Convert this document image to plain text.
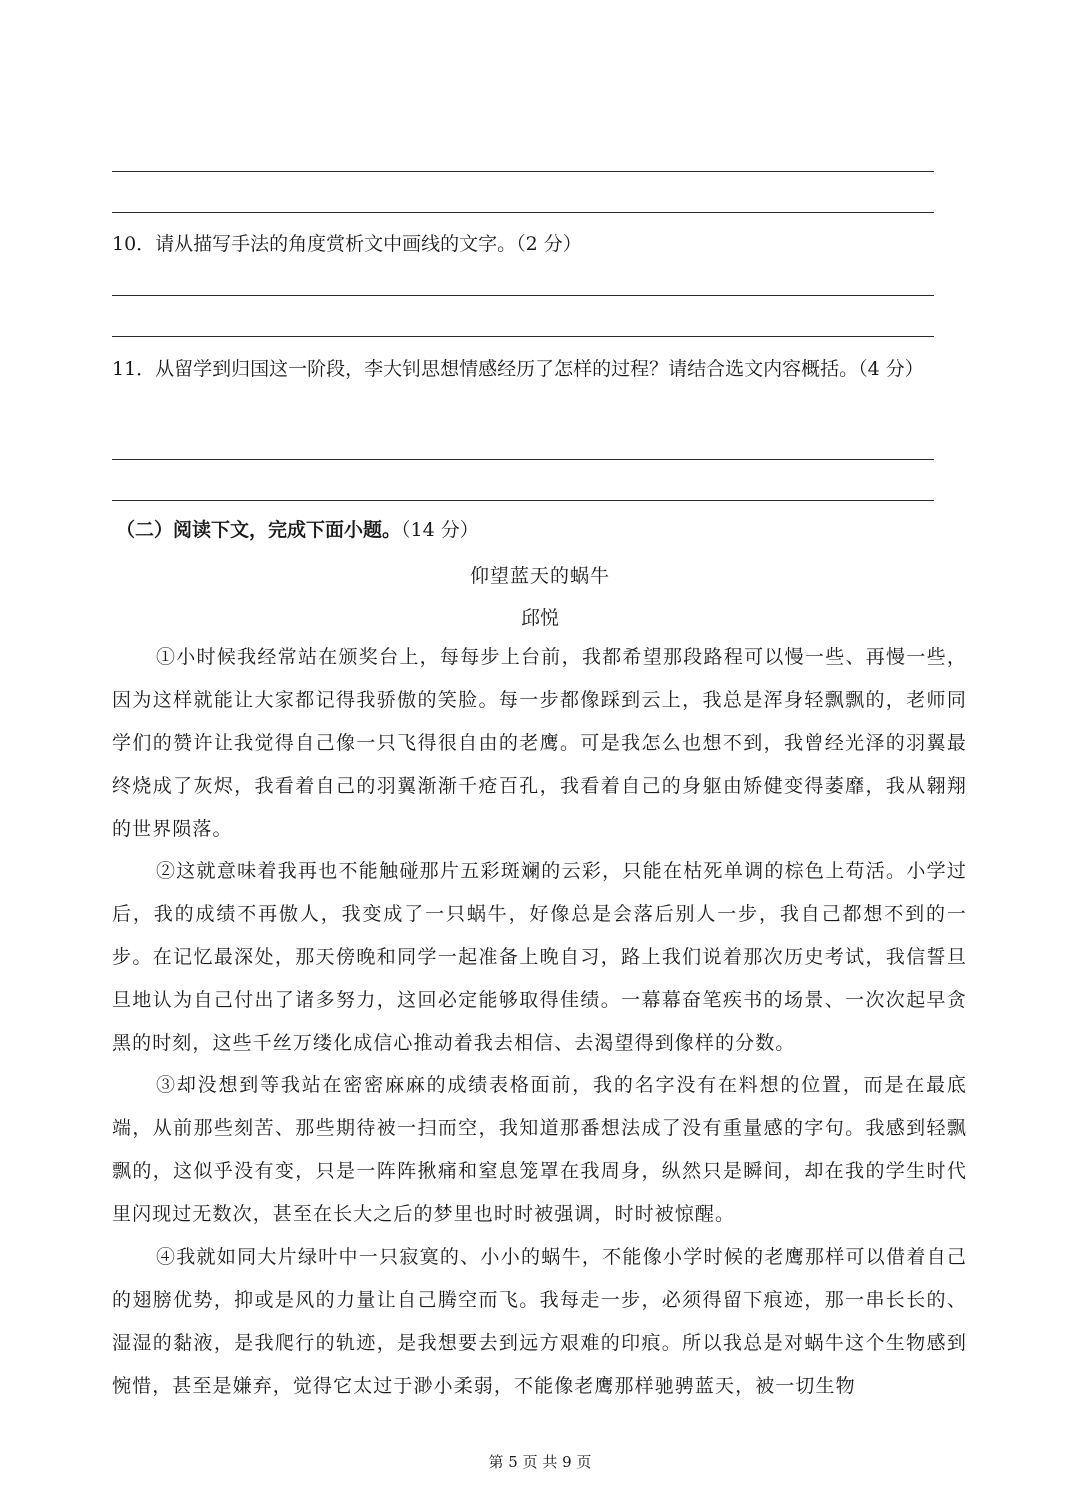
10．请从描写手法的角度赏析文中画线的文字。（2 分）
11．从留学到归国这一阶段，李大钊思想情感经历了怎样的过程？请结合选文内容概括。（4 分）
（二）阅读下文，完成下面小题。（14 分）
仰望蓝天的蜗牛
邱悦
①小时候我经常站在颁奖台上，每每步上台前，我都希望那段路程可以慢一些、再慢一些，因为这样就能让大家都记得我骄傲的笑脸。每一步都像踩到云上，我总是浑身轻飘飘的，老师同学们的赞许让我觉得自己像一只飞得很自由的老鹰。可是我怎么也想不到，我曾经光泽的羽翼最终烧成了灰烬，我看着自己的羽翼渐渐千疮百孔，我看着自己的身躯由矫健变得萎靡，我从翱翔的世界陨落。
②这就意味着我再也不能触碰那片五彩斑斓的云彩，只能在枯死单调的棕色上苟活。小学过后，我的成绩不再傲人，我变成了一只蜗牛，好像总是会落后别人一步，我自己都想不到的一步。在记忆最深处，那天傍晚和同学一起准备上晚自习，路上我们说着那次历史考试，我信誓旦旦地认为自己付出了诸多努力，这回必定能够取得佳绩。一幕幕奋笔疾书的场景、一次次起早贪黑的时刻，这些千丝万缕化成信心推动着我去相信、去渴望得到像样的分数。
③却没想到等我站在密密麻麻的成绩表格面前，我的名字没有在料想的位置，而是在最底端，从前那些刻苦、那些期待被一扫而空，我知道那番想法成了没有重量感的字句。我感到轻飘飘的，这似乎没有变，只是一阵阵揪痛和窒息笼罩在我周身，纵然只是瞬间，却在我的学生时代里闪现过无数次，甚至在长大之后的梦里也时时被强调，时时被惊醒。
④我就如同大片绿叶中一只寂寞的、小小的蜗牛，不能像小学时候的老鹰那样可以借着自己的翅膀优势，抑或是风的力量让自己腾空而飞。我每走一步，必须得留下痕迹，那一串长长的、湿湿的黏液，是我爬行的轨迹，是我想要去到远方艰难的印痕。所以我总是对蜗牛这个生物感到惋惜，甚至是嫌弃，觉得它太过于渺小柔弱，不能像老鹰那样驰骋蓝天，被一切生物
第 5 页 共 9 页
